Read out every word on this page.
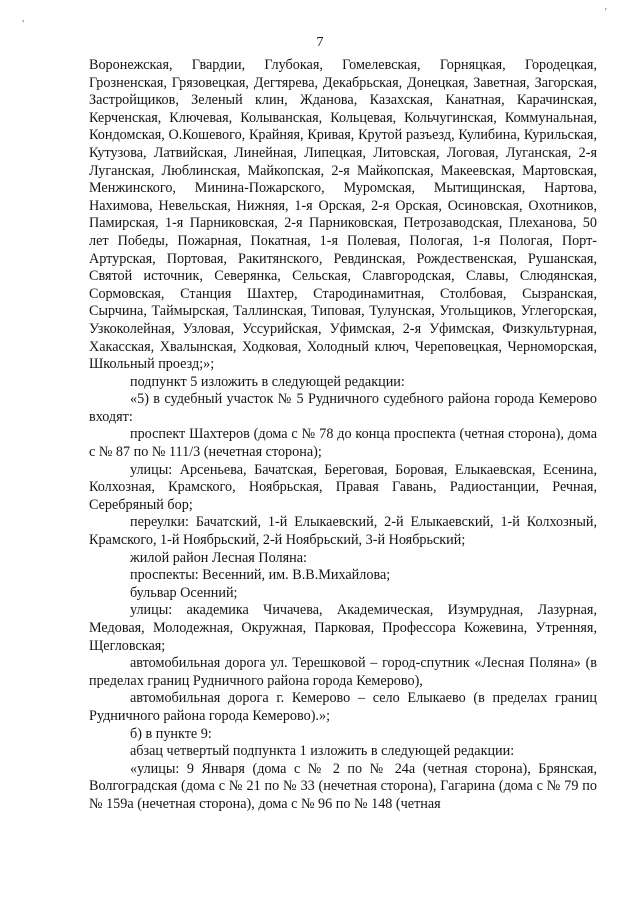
,
’
7

Воронежская, Гвардии, Глубокая, Гомелевская, Горняцкая, Городецкая, Грозненская, Грязовецкая, Дегтярева, Декабрьская, Донецкая, Заветная, Загорская, Застройщиков, Зеленый клин, Жданова, Казахская, Канатная, Карачинская, Керченская, Ключевая, Колыванская, Кольцевая, Кольчугинская, Коммунальная, Кондомская, О.Кошевого, Крайняя, Кривая, Крутой разъезд, Кулибина, Курильская, Кутузова, Латвийская, Линейная, Липецкая, Литовская, Логовая, Луганская, 2-я Луганская, Люблинская, Майкопская, 2-я Майкопская, Макеевская, Мартовская, Менжинского, Минина-Пожарского, Муромская, Мытищинская, Нартова, Нахимова, Невельская, Нижняя, 1-я Орская, 2-я Орская, Осиновская, Охотников, Памирская, 1-я Парниковская, 2-я Парниковская, Петрозаводская, Плеханова, 50 лет Победы, Пожарная, Покатная, 1-я Полевая, Пологая, 1-я Пологая, Порт-Артурская, Портовая, Ракитянского, Ревдинская, Рождественская, Рушанская, Святой источник, Северянка, Сельская, Славгородская, Славы, Слюдянская, Сормовская, Станция Шахтер, Стародинамитная, Столбовая, Сызранская, Сырчина, Таймырская, Таллинская, Типовая, Тулунская, Угольщиков, Углегорская, Узкоколейная, Узловая, Уссурийская, Уфимская, 2-я Уфимская, Физкультурная, Хакасская, Хвалынская, Ходковая, Холодный ключ, Череповецкая, Черноморская, Школьный проезд;»;

подпункт 5 изложить в следующей редакции:

«5) в судебный участок № 5 Рудничного судебного района города Кемерово входят:

проспект Шахтеров (дома с № 78 до конца проспекта (четная сторона), дома с № 87 по № 111/3 (нечетная сторона);

улицы: Арсеньева, Бачатская, Береговая, Боровая, Елыкаевская, Есенина, Колхозная, Крамского, Ноябрьская, Правая Гавань, Радиостанции, Речная, Серебряный бор;

переулки: Бачатский, 1-й Елыкаевский, 2-й Елыкаевский, 1-й Колхозный, Крамского, 1-й Ноябрьский, 2-й Ноябрьский, 3-й Ноябрьский;

жилой район Лесная Поляна:

проспекты: Весенний, им. В.В.Михайлова;

бульвар Осенний;

улицы: академика Чичачева, Академическая, Изумрудная, Лазурная, Медовая, Молодежная, Окружная, Парковая, Профессора Кожевина, Утренняя, Щегловская;

автомобильная дорога ул. Терешковой – город-спутник «Лесная Поляна» (в пределах границ Рудничного района города Кемерово),

автомобильная дорога г. Кемерово – село Елыкаево (в пределах границ Рудничного района города Кемерово).»;

б) в пункте 9:

абзац четвертый подпункта 1 изложить в следующей редакции:

«улицы: 9 Января (дома с № 2 по № 24а (четная сторона), Брянская, Волгоградская (дома с № 21 по № 33 (нечетная сторона), Гагарина (дома с № 79 по № 159а (нечетная сторона), дома с № 96 по № 148 (четная
